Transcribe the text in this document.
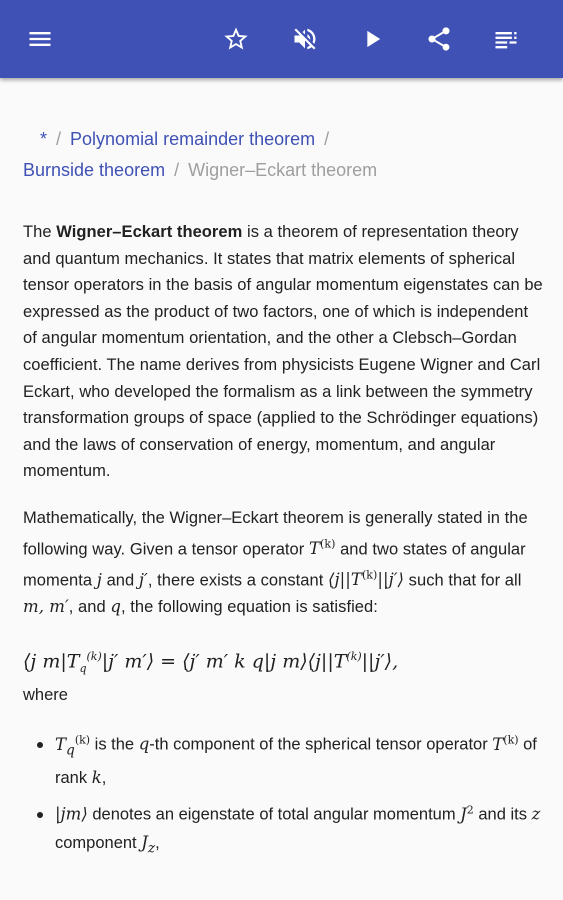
* / Polynomial remainder theorem /
Burnside theorem / Wigner–Eckart theorem

The Wigner–Eckart theorem is a theorem of representation theory and quantum mechanics. It states that matrix elements of spherical tensor operators in the basis of angular momentum eigenstates can be expressed as the product of two factors, one of which is independent of angular momentum orientation, and the other a Clebsch–Gordan coefficient. The name derives from physicists Eugene Wigner and Carl Eckart, who developed the formalism as a link between the symmetry transformation groups of space (applied to the Schrödinger equations) and the laws of conservation of energy, momentum, and angular momentum.

Mathematically, the Wigner–Eckart theorem is generally stated in the following way. Given a tensor operator $T^{(k)}$ and two states of angular momenta j and j′, there exists a constant $⟨j||T^{(k)}||j'⟩$ such that for all m, m′, and q, the following equation is satisfied:

⟨j $m|T_q^{(k)}|j'$ m′⟩ = ⟨j′ m′ k q|j $m⟩⟨j||T^{(k)}||j'⟩$,
where
• $T_q^{(k)}$ is the q-th component of the spherical tensor operator $T^{(k)}$ of rank k,
• |jm⟩ denotes an eigenstate of total angular momentum $J^2$ and its z component $J_z$,
